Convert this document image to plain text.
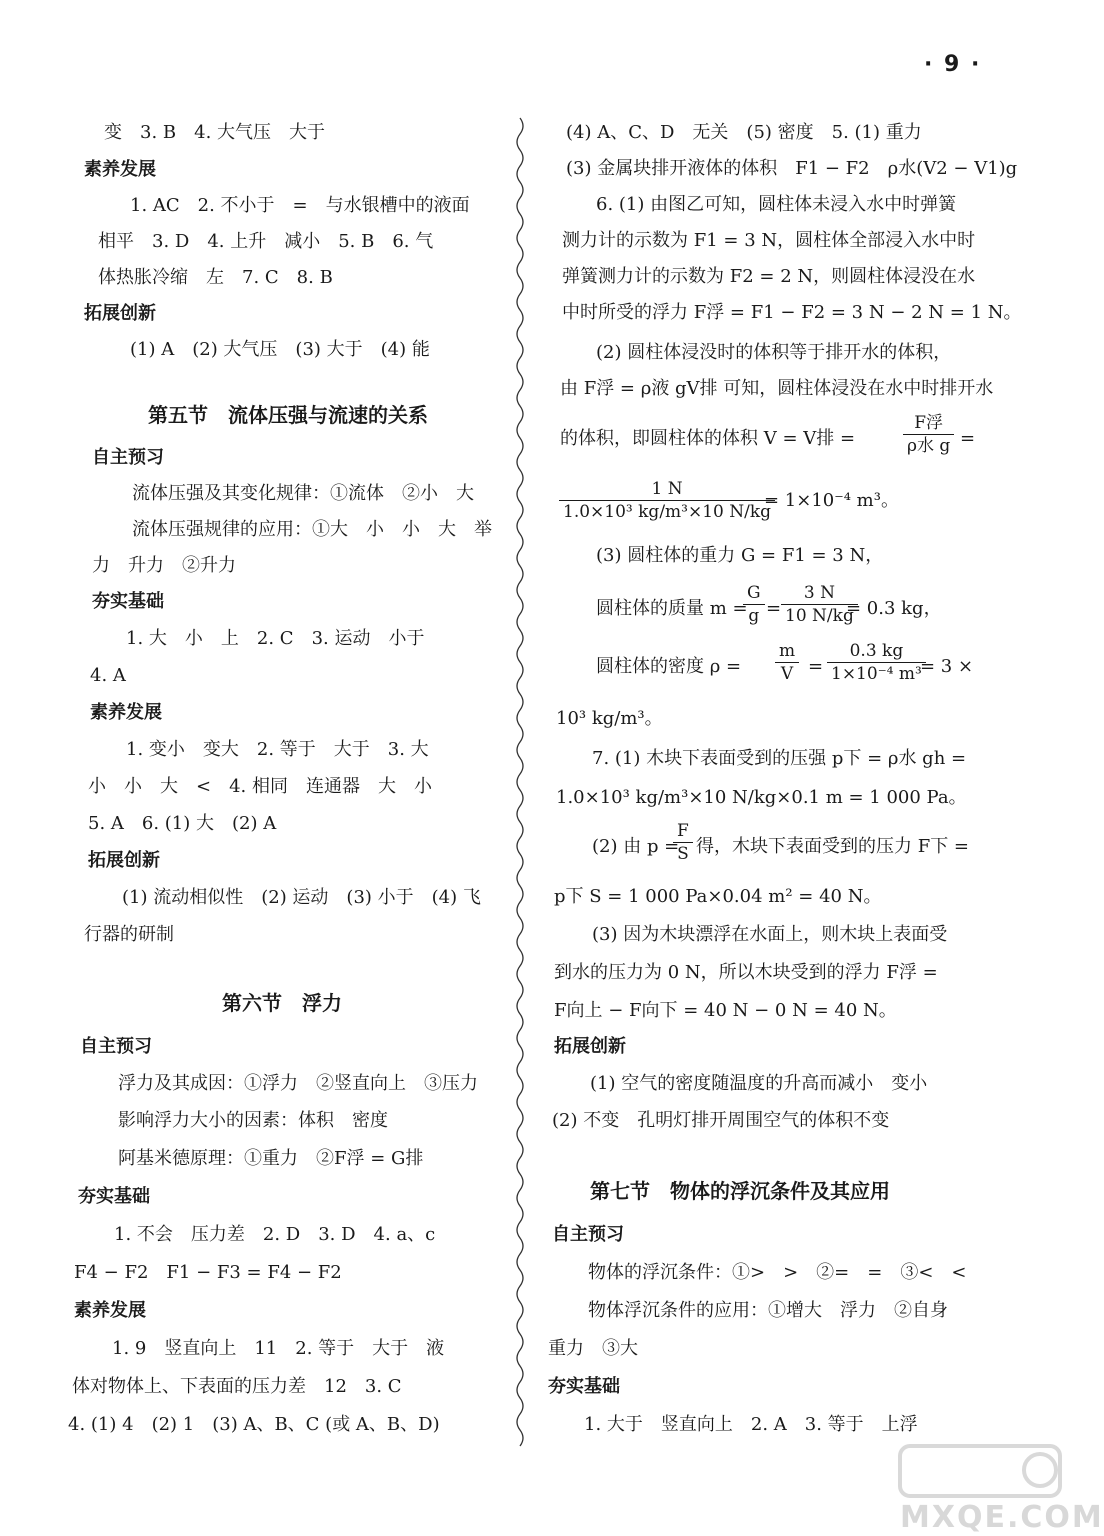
· 9 ·
变　3. B　4. 大气压　大于
素养发展
1. AC　2. 不小于　=　与水银槽中的液面
相平　3. D　4. 上升　减小　5. B　6. 气
体热胀冷缩　左　7. C　8. B
拓展创新
(1) A　(2) 大气压　(3) 大于　(4) 能
第五节　流体压强与流速的关系
自主预习
流体压强及其变化规律：①流体　②小　大
流体压强规律的应用：①大　小　小　大　举
力　升力　②升力
夯实基础
1. 大　小　上　2. C　3. 运动　小于
4. A
素养发展
1. 变小　变大　2. 等于　大于　3. 大
小　小　大　<　4. 相同　连通器　大　小
5. A　6. (1) 大　(2) A
拓展创新
(1) 流动相似性　(2) 运动　(3) 小于　(4) 飞
行器的研制
第六节　浮力
自主预习
浮力及其成因：①浮力　②竖直向上　③压力
影响浮力大小的因素：体积　密度
阿基米德原理：①重力　②F浮 = G排
夯实基础
1. 不会　压力差　2. D　3. D　4. a、c
F4 − F2　F1 − F3 = F4 − F2
素养发展
1. 9　竖直向上　11　2. 等于　大于　液
体对物体上、下表面的压力差　12　3. C
4. (1) 4　(2) 1　(3) A、B、C (或 A、B、D)
(4) A、C、D　无关　(5) 密度　5. (1) 重力
(3) 金属块排开液体的体积　F1 − F2　ρ水(V2 − V1)g
6. (1) 由图乙可知，圆柱体未浸入水中时弹簧
测力计的示数为 F1 = 3 N，圆柱体全部浸入水中时
弹簧测力计的示数为 F2 = 2 N，则圆柱体浸没在水
中时所受的浮力 F浮 = F1 − F2 = 3 N − 2 N = 1 N。
(2) 圆柱体浸没时的体积等于排开水的体积，
由 F浮 = ρ液 gV排 可知，圆柱体浸没在水中时排开水
的体积，即圆柱体的体积 V = V排 =
F浮
ρ水 g =
$\frac{1 N}{\text{1.0×10³ kg/m³×10 N/kg}}$
= 1×10⁻⁴ m³。
(3) 圆柱体的重力 G = F1 = 3 N，
圆柱体的质量 m =
$\frac{G}{g} = \frac{3 N}{10 N/kg}$
= 0.3 kg，
圆柱体的密度 $\rho = \frac{m}{V} = \frac{0.3 kg}{\text{1×10⁻⁴ m³}}$
= 3 ×
10³ kg/m³。
7. (1) 木块下表面受到的压强 p下 = ρ水 gh =
1.0×10³ kg/m³×10 N/kg×0.1 m = 1 000 Pa。
(2) 由 p =
$\frac{F}{S}$ 得，木块下表面受到的压力 F下 =
p下 S = 1 000 Pa×0.04 m² = 40 N。
(3) 因为木块漂浮在水面上，则木块上表面受
到水的压力为 0 N，所以木块受到的浮力 F浮 =
F向上 − F向下 = 40 N − 0 N = 40 N。
拓展创新
(1) 空气的密度随温度的升高而减小　变小
(2) 不变　孔明灯排开周围空气的体积不变
第七节　物体的浮沉条件及其应用
自主预习
物体的浮沉条件：①>　>　②=　=　③<　<
物体浮沉条件的应用：①增大　浮力　②自身
重力　③大
夯实基础
1. 大于　竖直向上　2. A　3. 等于　上浮
MXQE.COM
